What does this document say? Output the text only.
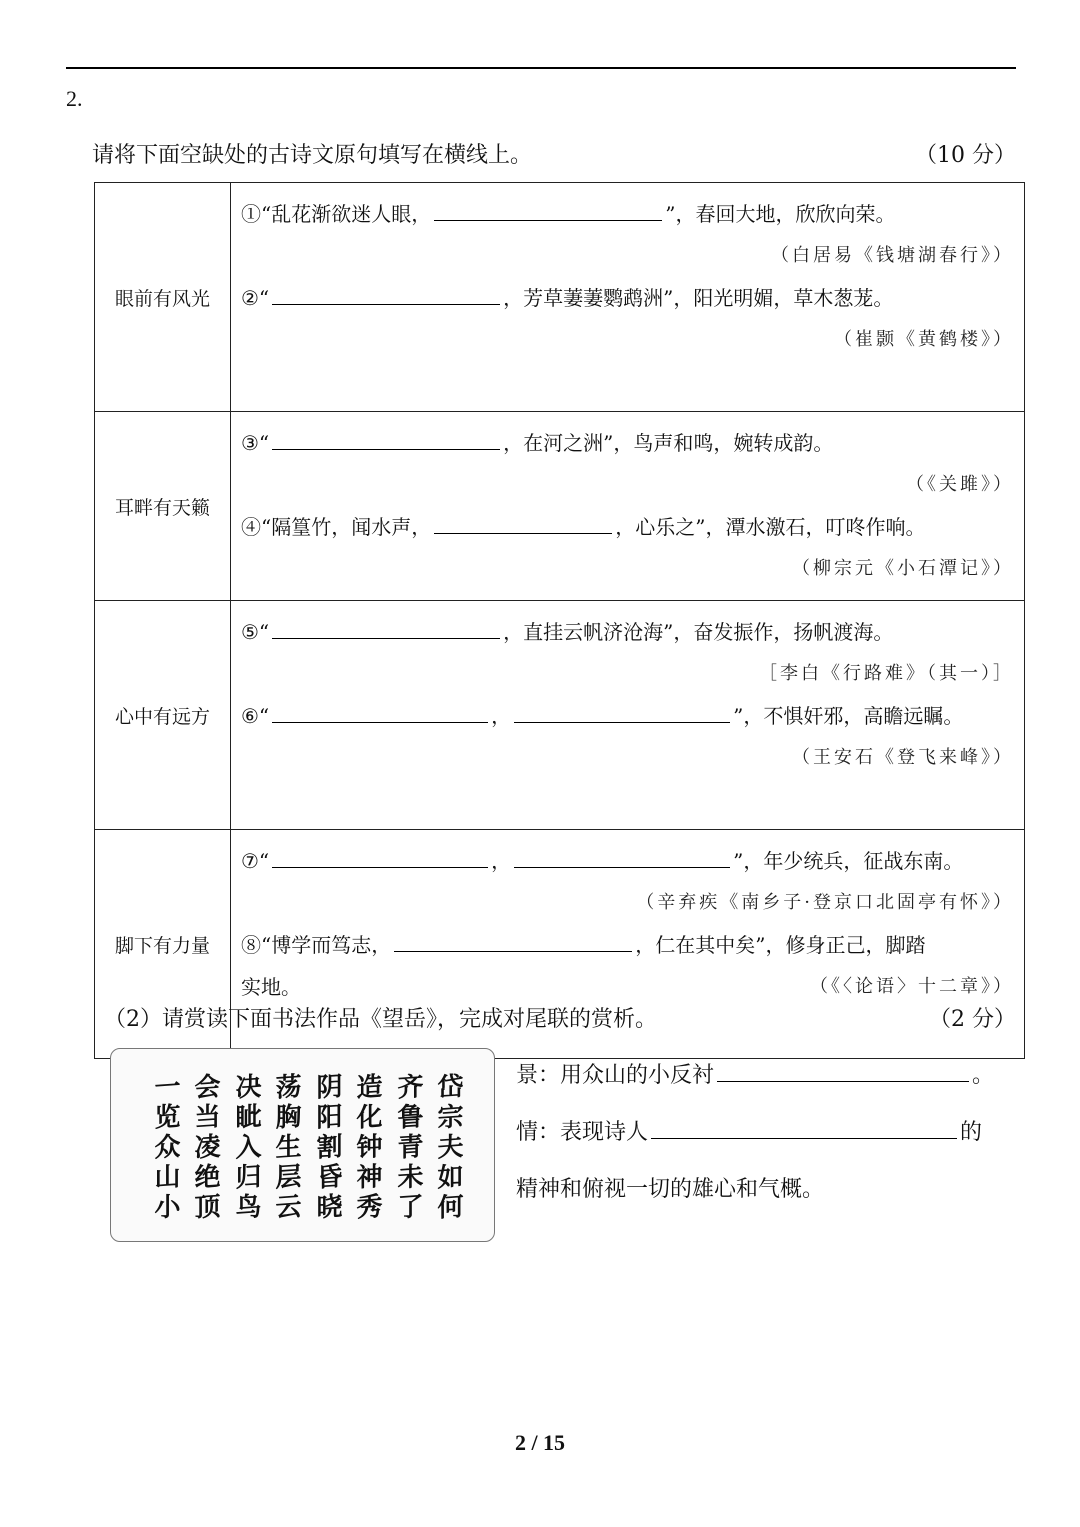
2.
请将下面空缺处的古诗文原句填写在横线上。	（10 分）
眼前有风光	①“乱花渐欲迷人眼， ”，春回大地，欣欣向荣。
（白居易《钱塘湖春行》）
②“ ，芳草萋萋鹦鹉洲”，阳光明媚，草木葱茏。
（崔颢《黄鹤楼》）

耳畔有天籁	③“ ，在河之洲”，鸟声和鸣，婉转成韵。
（《关雎》）
④“隔篁竹，闻水声， ，心乐之”，潭水激石，叮咚作响。
（柳宗元《小石潭记》）

心中有远方	⑤“ ，直挂云帆济沧海”，奋发振作，扬帆渡海。
［李白《行路难》（其一）］
⑥“ ， ”，不惧奸邪，高瞻远瞩。
（王安石《登飞来峰》）

脚下有力量	⑦“ ， ”，年少统兵，征战东南。
（辛弃疾《南乡子·登京口北固亭有怀》）
⑧“博学而笃志， ，仁在其中矣”，修身正己，脚踏
实地。 （《〈论语〉十二章》）
（2）请赏读下面书法作品《望岳》，完成对尾联的赏析。	（2 分）
岱宗夫如何
齐鲁青未了
造化钟神秀
阴阳割昏晓
荡胸生层云
决眦入归鸟
会当凌绝顶
一览众山小	景：用众山的小反衬	。
情：表现诗人	的
精神和俯视一切的雄心和气概。
2 / 15
